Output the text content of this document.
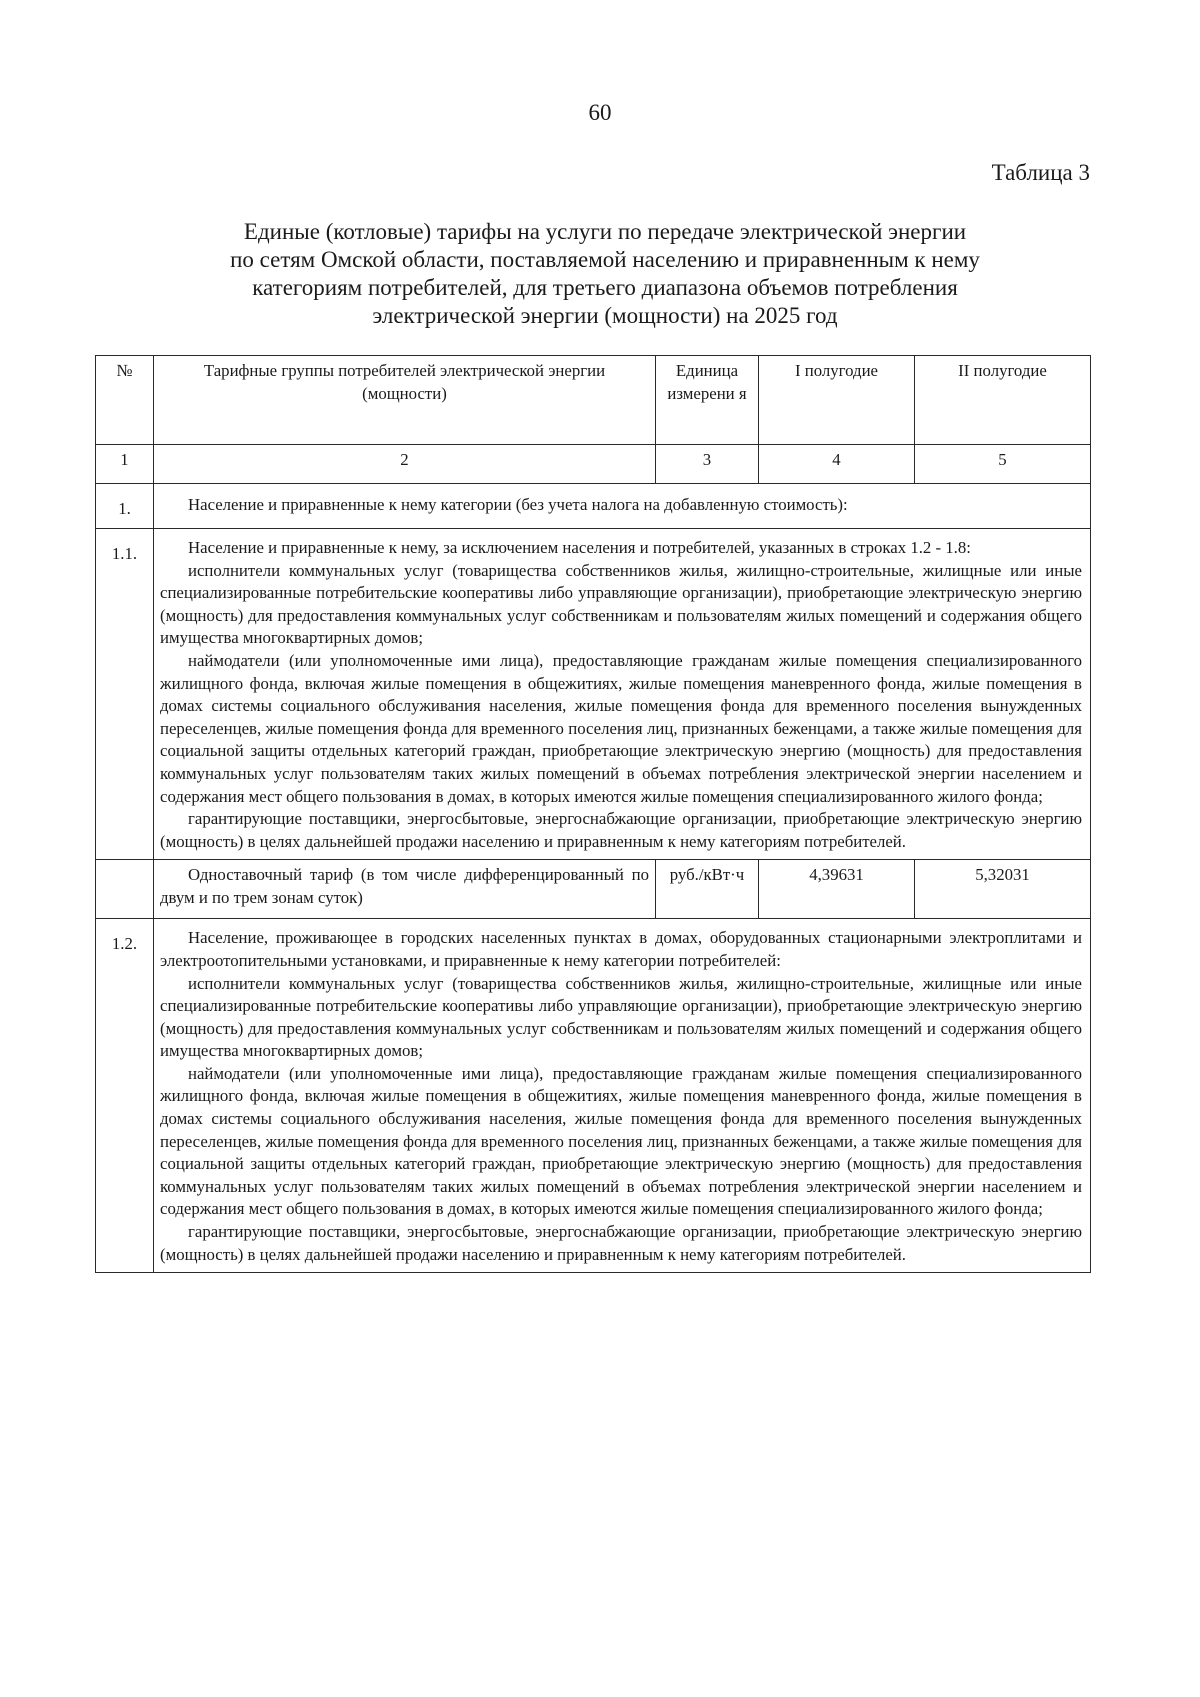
60
Таблица 3
Единые (котловые) тарифы на услуги по передаче электрической энергии
по сетям Омской области, поставляемой населению и приравненным к нему
категориям потребителей, для третьего диапазона объемов потребления
электрической энергии (мощности) на 2025 год
№	Тарифные группы потребителей электрической энергии (мощности)	Единица измерени я	I полугодие	II полугодие
1	2	3	4	5
1.	Население и приравненные к нему категории (без учета налога на добавленную стоимость):			
1.1.	Население и приравненные к нему, за исключением населения и потребителей, указанных в строках 1.2 - 1.8:

исполнители коммунальных услуг (товарищества собственников жилья, жилищно-строительные, жилищные или иные специализированные потребительские кооперативы либо управляющие организации), приобретающие электрическую энергию (мощность) для предоставления коммунальных услуг собственникам и пользователям жилых помещений и содержания общего имущества многоквартирных домов;

наймодатели (или уполномоченные ими лица), предоставляющие гражданам жилые помещения специализированного жилищного фонда, включая жилые помещения в общежитиях, жилые помещения маневренного фонда, жилые помещения в домах системы социального обслуживания населения, жилые помещения фонда для временного поселения вынужденных переселенцев, жилые помещения фонда для временного поселения лиц, признанных беженцами, а также жилые помещения для социальной защиты отдельных категорий граждан, приобретающие электрическую энергию (мощность) для предоставления коммунальных услуг пользователям таких жилых помещений в объемах потребления электрической энергии населением и содержания мест общего пользования в домах, в которых имеются жилые помещения специализированного жилого фонда;

гарантирующие поставщики, энергосбытовые, энергоснабжающие организации, приобретающие электрическую энергию (мощность) в целях дальнейшей продажи населению и приравненным к нему категориям потребителей.			

	Одноставочный тариф (в том числе дифференцированный по двум и по трем зонам суток)	руб./кВт·ч	4,39631	5,32031
1.2.	Население, проживающее в городских населенных пунктах в домах, оборудованных стационарными электроплитами и электроотопительными установками, и приравненные к нему категории потребителей:

исполнители коммунальных услуг (товарищества собственников жилья, жилищно-строительные, жилищные или иные специализированные потребительские кооперативы либо управляющие организации), приобретающие электрическую энергию (мощность) для предоставления коммунальных услуг собственникам и пользователям жилых помещений и содержания общего имущества многоквартирных домов;

наймодатели (или уполномоченные ими лица), предоставляющие гражданам жилые помещения специализированного жилищного фонда, включая жилые помещения в общежитиях, жилые помещения маневренного фонда, жилые помещения в домах системы социального обслуживания населения, жилые помещения фонда для временного поселения вынужденных переселенцев, жилые помещения фонда для временного поселения лиц, признанных беженцами, а также жилые помещения для социальной защиты отдельных категорий граждан, приобретающие электрическую энергию (мощность) для предоставления коммунальных услуг пользователям таких жилых помещений в объемах потребления электрической энергии населением и содержания мест общего пользования в домах, в которых имеются жилые помещения специализированного жилого фонда;

гарантирующие поставщики, энергосбытовые, энергоснабжающие организации, приобретающие электрическую энергию (мощность) в целях дальнейшей продажи населению и приравненным к нему категориям потребителей.			
